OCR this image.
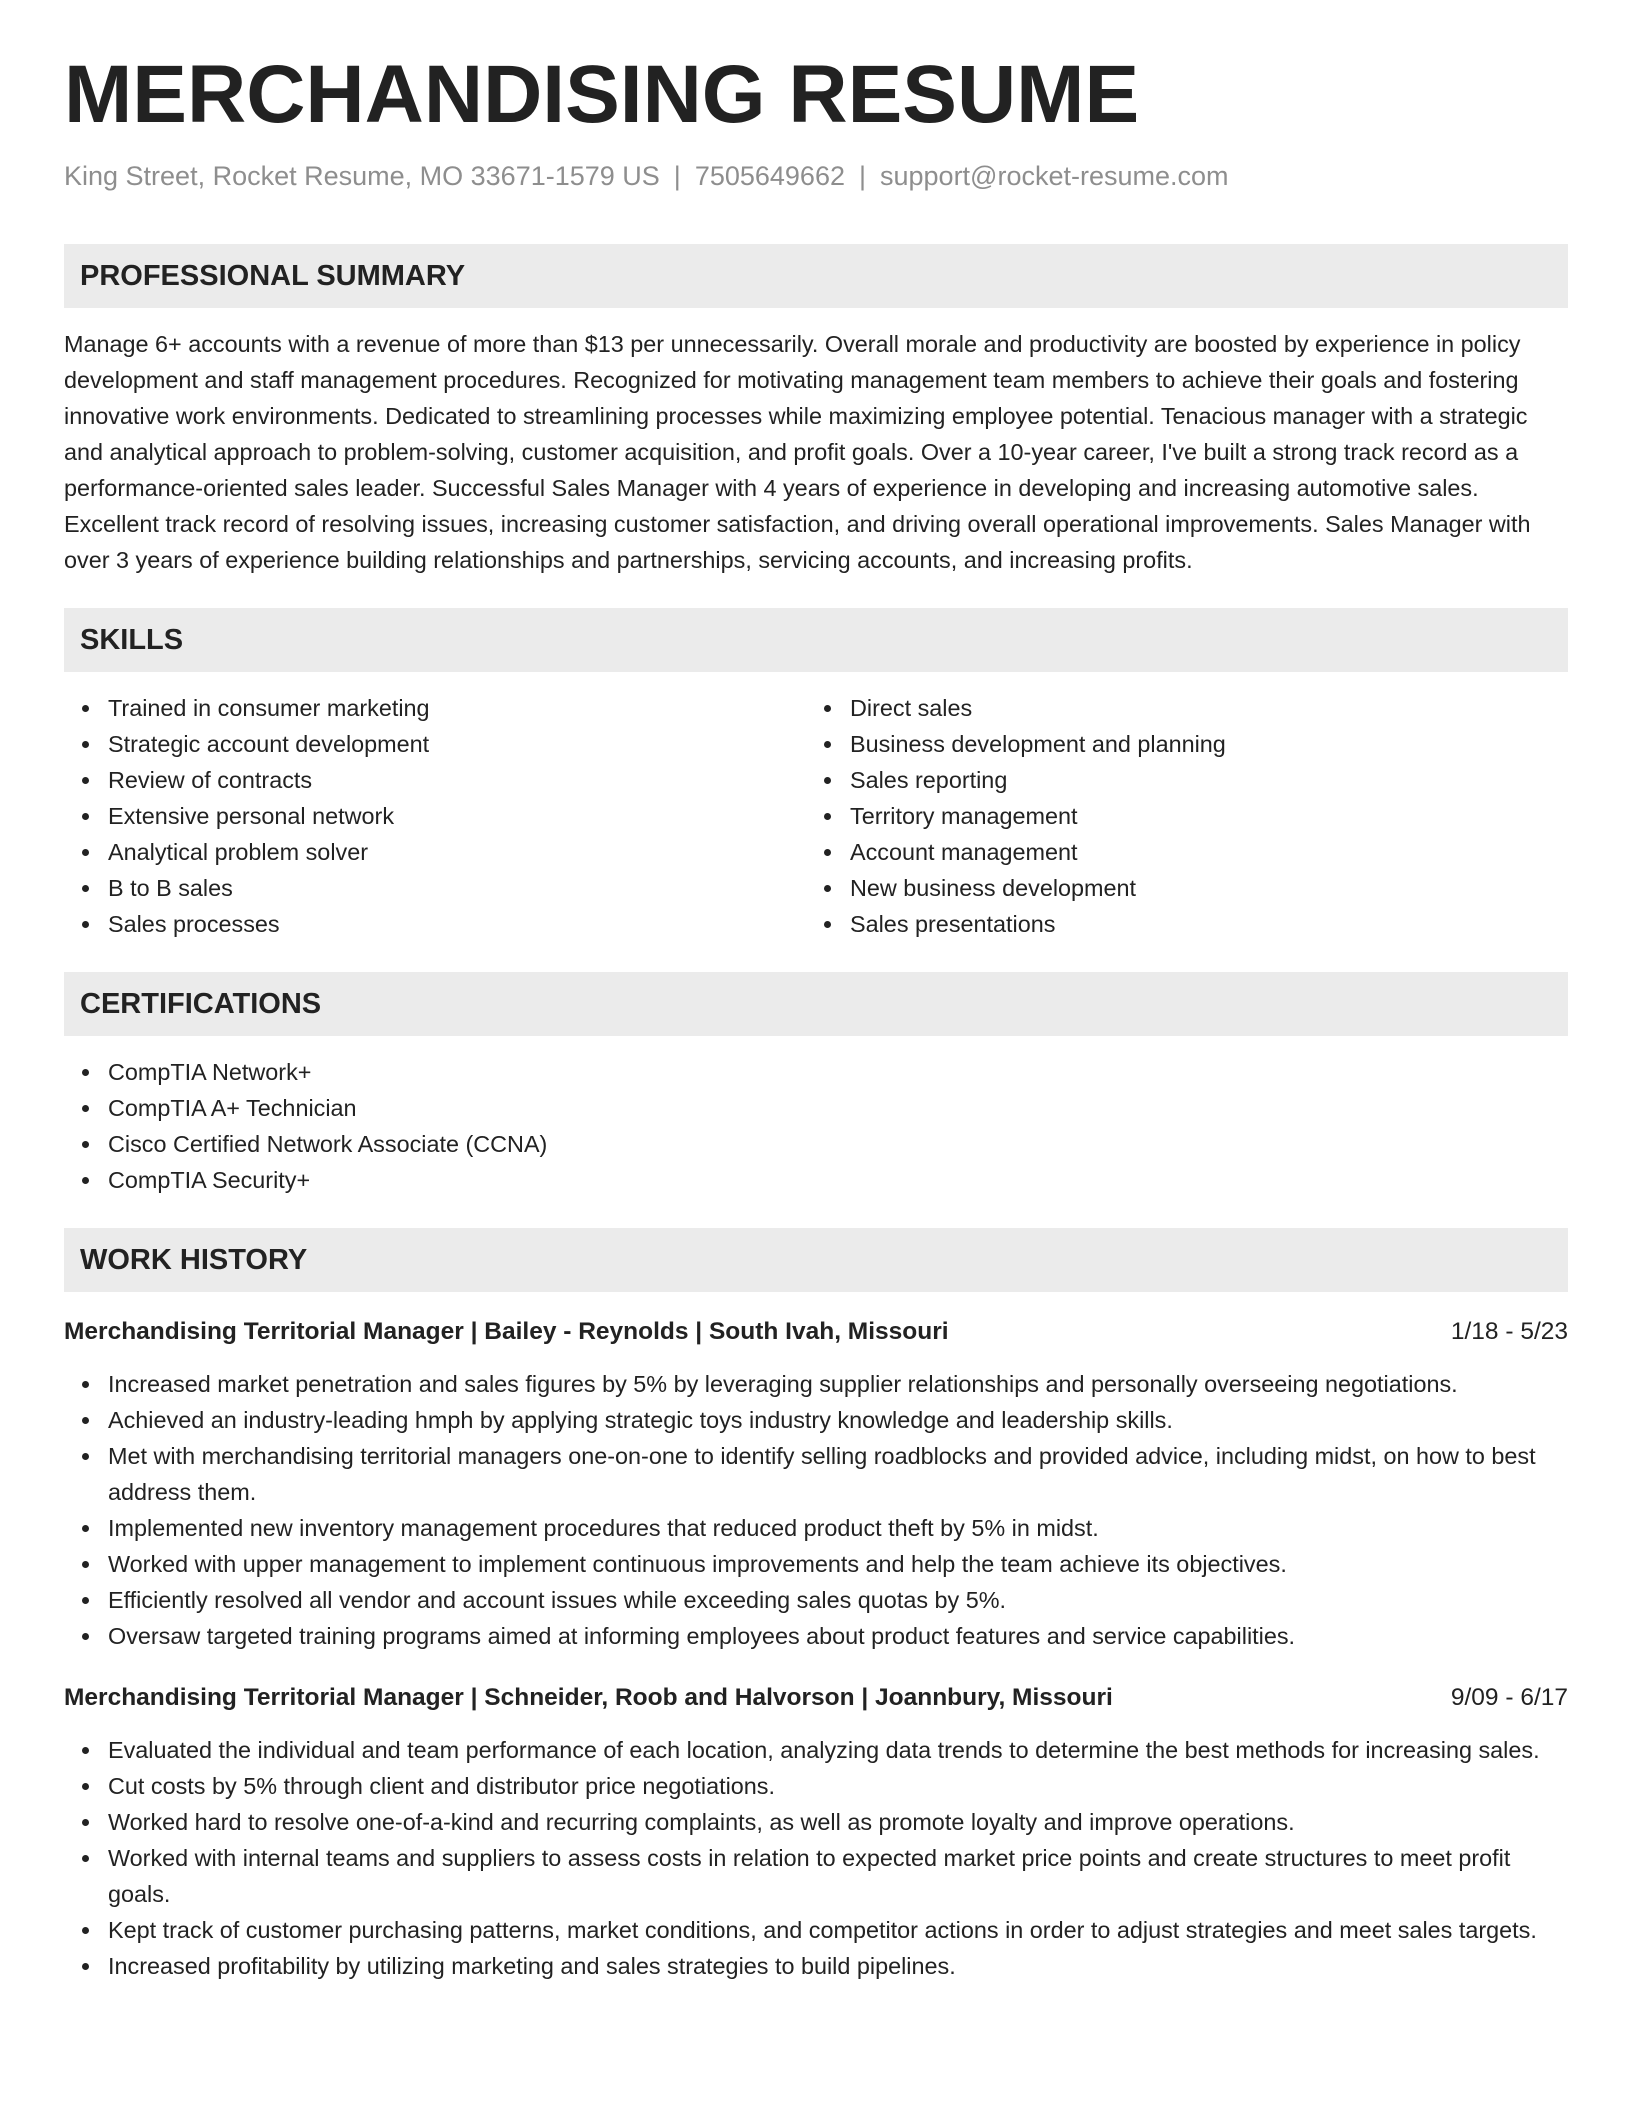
MERCHANDISING RESUME
King Street, Rocket Resume, MO 33671-1579 US | 7505649662 | support@rocket-resume.com
PROFESSIONAL SUMMARY

Manage 6+ accounts with a revenue of more than $13 per unnecessarily. Overall morale and productivity are boosted by experience in policy development and staff management procedures. Recognized for motivating management team members to achieve their goals and fostering innovative work environments. Dedicated to streamlining processes while maximizing employee potential. Tenacious manager with a strategic and analytical approach to problem-solving, customer acquisition, and profit goals. Over a 10-year career, I've built a strong track record as a performance-oriented sales leader. Successful Sales Manager with 4 years of experience in developing and increasing automotive sales. Excellent track record of resolving issues, increasing customer satisfaction, and driving overall operational improvements. Sales Manager with over 3 years of experience building relationships and partnerships, servicing accounts, and increasing profits.

SKILLS
Trained in consumer marketing
Strategic account development
Review of contracts
Extensive personal network
Analytical problem solver
B to B sales
Sales processes
Direct sales
Business development and planning
Sales reporting
Territory management
Account management
New business development
Sales presentations
CERTIFICATIONS
CompTIA Network+
CompTIA A+ Technician
Cisco Certified Network Associate (CCNA)
CompTIA Security+
WORK HISTORY
Merchandising Territorial Manager | Bailey - Reynolds | South Ivah, Missouri	1/18 - 5/23
Increased market penetration and sales figures by 5% by leveraging supplier relationships and personally overseeing negotiations.
Achieved an industry-leading hmph by applying strategic toys industry knowledge and leadership skills.
Met with merchandising territorial managers one-on-one to identify selling roadblocks and provided advice, including midst, on how to best address them.
Implemented new inventory management procedures that reduced product theft by 5% in midst.
Worked with upper management to implement continuous improvements and help the team achieve its objectives.
Efficiently resolved all vendor and account issues while exceeding sales quotas by 5%.
Oversaw targeted training programs aimed at informing employees about product features and service capabilities.
Merchandising Territorial Manager | Schneider, Roob and Halvorson | Joannbury, Missouri	9/09 - 6/17
Evaluated the individual and team performance of each location, analyzing data trends to determine the best methods for increasing sales.
Cut costs by 5% through client and distributor price negotiations.
Worked hard to resolve one-of-a-kind and recurring complaints, as well as promote loyalty and improve operations.
Worked with internal teams and suppliers to assess costs in relation to expected market price points and create structures to meet profit goals.
Kept track of customer purchasing patterns, market conditions, and competitor actions in order to adjust strategies and meet sales targets.
Increased profitability by utilizing marketing and sales strategies to build pipelines.
